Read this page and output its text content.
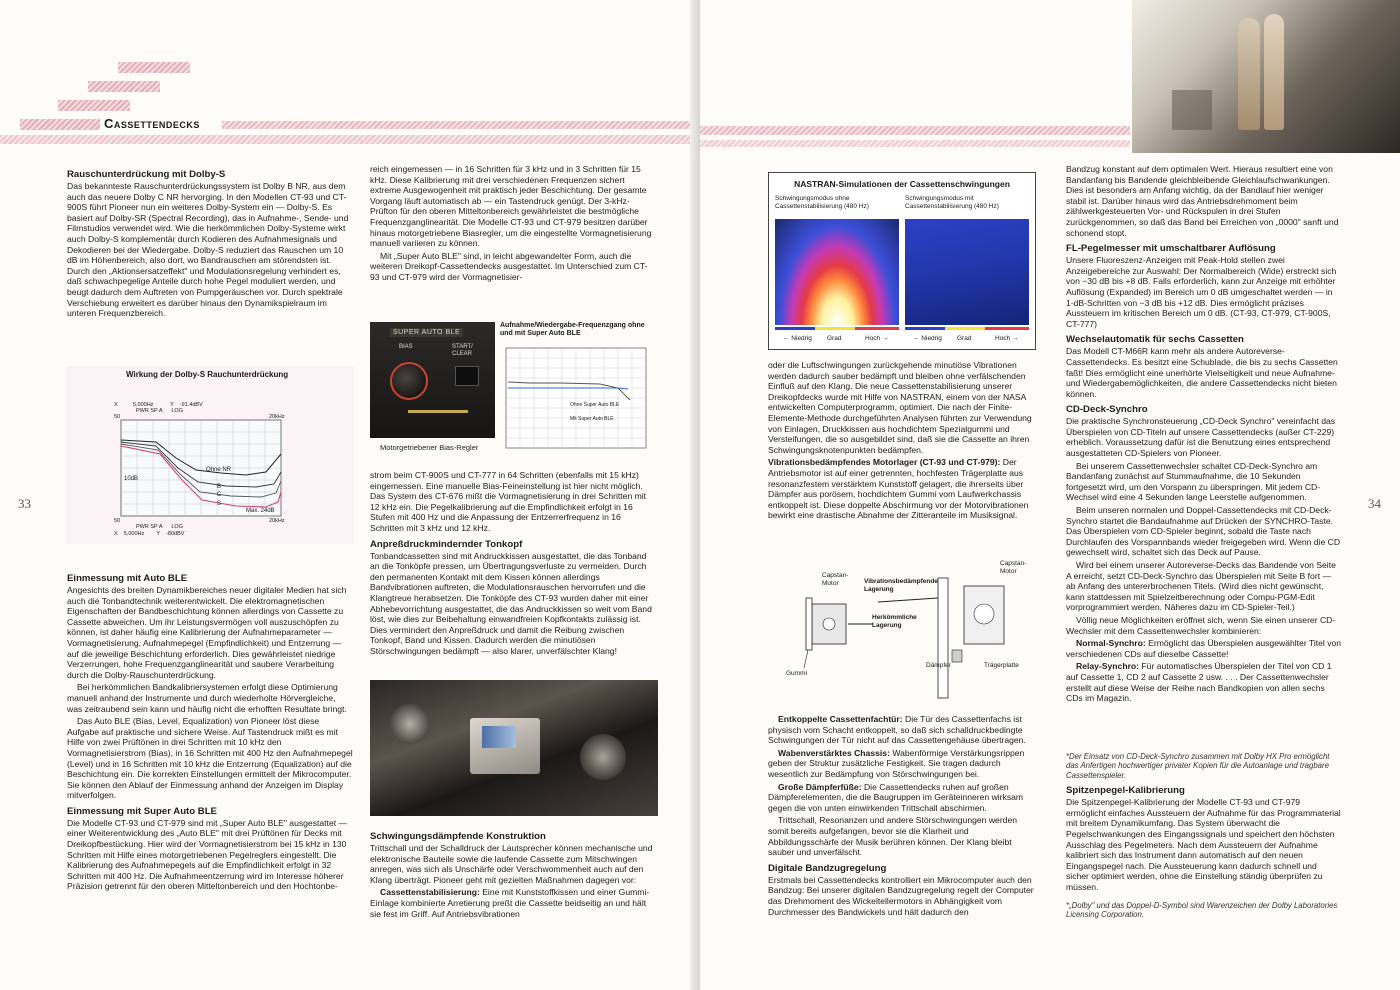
Cassettendecks
33
Rauschunterdrückung mit Dolby-S

Das bekannteste Rauschunterdrückungssystem ist Dolby B NR, aus dem auch das neuere Dolby C NR hervorging. In den Modellen CT-93 und CT-900S führt Pioneer nun ein weiteres Dolby-System ein — Dolby-S. Es basiert auf Dolby-SR (Spectral Recording), das in Aufnahme-, Sende- und Filmstudios verwendet wird. Wie die herkömmlichen Dolby-Systeme wirkt auch Dolby-S komplementär durch Kodieren des Aufnahmesignals und Dekodieren bei der Wiedergabe. Dolby-S reduziert das Rauschen um 10 dB im Höhenbereich, also dort, wo Bandrauschen am störendsten ist. Durch den „Aktionsersatzeffekt" und Modulationsregelung verhindert es, daß schwachpegelige Anteile durch hohe Pegel moduliert werden, und beugt dadurch dem Auftreten von Pumpgeräuschen vor. Durch spektrale Verschiebung erweitert es darüber hinaus den Dynamikspielraum im unteren Frequenzbereich.

Wirkung der Dolby-S Rauchunterdrückung
X          5,000Hz           Y    -91.4dBV
PWR SP A      LOG
50	20kHz
10dB
Ohne NR
B
C
S
Max. 24dB
50	20kHz
PWR SP A      LOG
X    5,000Hz        Y    -80dBV
Einmessung mit Auto BLE

Angesichts des breiten Dynamikbereiches neuer digitaler Medien hat sich auch die Tonbandtechnik weiterentwickelt. Die elektromagnetischen Eigenschaften der Bandbeschichtung können allerdings von Cassette zu Cassette abweichen. Um ihr Leistungsvermögen voll auszuschöpfen zu können, ist daher häufig eine Kalibrierung der Aufnahmeparameter — Vormagnetisierung, Aufnahmepegel (Empfindlichkeit) und Entzerrung — auf die jeweilige Beschichtung erforderlich. Dies gewährleistet niedrige Verzerrungen, hohe Frequenzganglinearität und saubere Verarbeitung durch die Dolby-Rauschunterdrückung.

Bei herkömmlichen Bandkalibriersystemen erfolgt diese Optimierung manuell anhand der Instrumente und durch wiederholte Hörvergleiche, was zeitraubend sein kann und häufig nicht die erhofften Resultate bringt.

Das Auto BLE (Bias, Level, Equalization) von Pioneer löst diese Aufgabe auf praktische und sichere Weise. Auf Tastendruck mißt es mit Hilfe von zwei Prüftönen in drei Schritten mit 10 kHz den Vormagnetisierstrom (Bias), in 16 Schritten mit 400 Hz den Aufnahmepegel (Level) und in 16 Schritten mit 10 kHz die Entzerrung (Equalization) auf die Beschichtung ein. Die korrekten Einstellungen ermittelt der Mikrocomputer. Sie können den Ablauf der Einmessung anhand der Anzeigen im Display mitverfolgen.

Einmessung mit Super Auto BLE

Die Modelle CT-93 und CT-979 sind mit „Super Auto BLE" ausgestattet — einer Weiterentwicklung des „Auto BLE" mit drei Prüftönen für Decks mit Dreikopfbestückung. Hier wird der Vormagnetisierstrom bei 15 kHz in 130 Schritten mit Hilfe eines motorgetriebenen Pegelreglers eingestellt. Die Kalibrierung des Aufnahmepegels auf die Empfindlichkeit erfolgt in 32 Schritten mit 400 Hz. Die Aufnahmeentzerrung wird im Interesse höherer Präzision getrennt für den oberen Mitteltonbereich und den Hochtonbe-

reich eingemessen — in 16 Schritten für 3 kHz und in 3 Schritten für 15 kHz. Diese Kalibrierung mit drei verschiedenen Frequenzen sichert extreme Ausgewogenheit mit praktisch jeder Beschichtung. Der gesamte Vorgang läuft automatisch ab — ein Tastendruck genügt. Der 3-kHz-Prüfton für den oberen Mitteltonbereich gewährleistet die bestmögliche Frequenzganglinearität. Die Modelle CT-93 und CT-979 besitzen darüber hinaus motorgetriebene Biasregler, um die eingestellte Vormagnetisierung manuell variieren zu können.

Mit „Super Auto BLE" sind, in leicht abgewandelter Form, auch die weiteren Dreikopf-Cassettendecks ausgestattet. Im Unterschied zum CT-93 und CT-979 wird der Vormagnetisier-

SUPER AUTO BLE
BIAS	START/
CLEAR
Motorgetriebener Bias-Regler
Aufnahme/Wiedergabe-Frequenzgang ohne und mit Super Auto BLE
Ohne Super Auto BLE
Mit Super Auto BLE

strom beim CT-900S und CT-777 in 64 Schritten (ebenfalls mit 15 kHz) eingemessen. Eine manuelle Bias-Feineinstellung ist hier nicht möglich. Das System des CT-676 mißt die Vormagnetisierung in drei Schritten mit 12 kHz ein. Die Pegelkalibrierung auf die Empfindlichkeit erfolgt in 16 Stufen mit 400 Hz und die Anpassung der Entzerrerfrequenz in 16 Schritten mit 3 kHz und 12 kHz.

Anpreßdruckmindernder Tonkopf

Tonbandcassetten sind mit Andruckkissen ausgestattet, die das Tonband an die Tonköpfe pressen, um Übertragungsverluste zu vermeiden. Durch den permanenten Kontakt mit dem Kissen können allerdings Bandvibrationen auftreten, die Modulationsrauschen hervorrufen und die Klangtreue herabsetzen. Die Tonköpfe des CT-93 wurden daher mit einer Abhebevorrichtung ausgestattet, die das Andruckkissen so weit vom Band löst, wie dies zur Beibehaltung einwandfreien Kopfkontakts zulässig ist. Dies vermindert den Anpreßdruck und damit die Reibung zwischen Tonkopf, Band und Kissen. Dadurch werden die minutiösen Störschwingungen bedämpft — also klarer, unverfälschter Klang!

Schwingungsdämpfende Konstruktion

Trittschall und der Schalldruck der Lautsprecher können mechanische und elektronische Bauteile sowie die laufende Cassette zum Mitschwingen anregen, was sich als Unschärfe oder Verschwommenheit auch auf den Klang überträgt. Pioneer geht mit gezielten Maßnahmen dagegen vor:

Cassettenstabilisierung: Eine mit Kunststoffkissen und einer Gummi-Einlage kombinierte Arretierung preßt die Cassette beidseitig an und hält sie fest im Griff. Auf Antriebsvibrationen

34
NASTRAN-Simulationen der Cassettenschwingungen
Schwingungsmodus ohne Cassettenstabilisierung (480 Hz)
Schwingungsmodus mit Cassettenstabilisierung (480 Hz)
← Niedrig Grad	Hoch →	← Niedrig Grad	Hoch →

oder die Luftschwingungen zurückgehende minutiöse Vibrationen werden dadurch sauber bedämpft und bleiben ohne verfälschenden Einfluß auf den Klang. Die neue Cassettenstabilisierung unserer Dreikopfdecks wurde mit Hilfe von NASTRAN, einem von der NASA entwickelten Computerprogramm, optimiert. Die nach der Finite-Elemente-Methode durchgeführten Analysen führten zur Verwendung von Einlagen, Druckkissen aus hochdichtem Spezialgummi und Versteifungen, die so ausgebildet sind, daß sie die Cassette an ihren Schwingungsknotenpunkten bedämpfen.

Vibrationsbedämpfendes Motorlager (CT-93 und CT-979): Der Antriebsmotor ist auf einer getrennten, hochfesten Trägerplatte aus resonanzfestem verstärktem Kunststoff gelagert, die ihrerseits über Dämpfer aus porösem, hochdichtem Gummi vom Laufwerkchassis entkoppelt ist. Diese doppelte Abschirmung vor der Motorvibrationen bewirkt eine drastische Abnahme der Zitteranteile im Musiksignal.

Capstan-
Motor	Vibrationsbedämpfende Lagerung
Herkömmliche Lagerung
Capstan-
Motor
Dämpfer	Trägerplatte
Gummi

Entkoppelte Cassettenfachtür: Die Tür des Cassettenfachs ist physisch vom Schacht entkoppelt, so daß sich schalldruckbedingte Schwingungen der Tür nicht auf das Cassettengehäuse übertragen.

Wabenverstärktes Chassis: Wabenförmige Verstärkungsrippen geben der Struktur zusätzliche Festigkeit. Sie tragen dadurch wesentlich zur Bedämpfung von Störschwingungen bei.

Große Dämpferfüße: Die Cassettendecks ruhen auf großen Dämpferelementen, die die Baugruppen im Geräteinneren wirksam gegen die von unten einwirkenden Trittschall abschirmen.

Trittschall, Resonanzen und andere Störschwingungen werden somit bereits aufgefangen, bevor sie die Klarheit und Abbildungsschärfe der Musik berühren können. Der Klang bleibt sauber und unverfälscht.

Digitale Bandzugregelung

Erstmals bei Cassettendecks kontrolliert ein Mikrocomputer auch den Bandzug: Bei unserer digitalen Bandzugregelung regelt der Computer das Drehmoment des Wickeltellermotors in Abhängigkeit vom Durchmesser des Bandwickels und hält dadurch den

Bandzug konstant auf dem optimalen Wert. Hieraus resultiert eine von Bandanfang bis Bandende gleichbleibende Gleichlaufschwankungen. Dies ist besonders am Anfang wichtig, da der Bandlauf hier weniger stabil ist. Darüber hinaus wird das Antriebsdrehmoment beim zählwerkgesteuerten Vor- und Rückspulen in drei Stufen zurückgenommen, so daß das Band bei Erreichen von „0000" sanft und schonend stopt.

FL-Pegelmesser mit umschaltbarer Auflösung

Unsere Fluoreszenz-Anzeigen mit Peak-Hold stellen zwei Anzeigebereiche zur Auswahl: Der Normalbereich (Wide) erstreckt sich von −30 dB bis +8 dB. Falls erforderlich, kann zur Anzeige mit erhöhter Auflösung (Expanded) im Bereich um 0 dB umgeschaltet werden — in 1-dB-Schritten von −3 dB bis +12 dB. Dies ermöglicht präzises Aussteuern im kritischen Bereich um 0 dB. (CT-93, CT-979, CT-900S, CT-777)

Wechselautomatik für sechs Cassetten

Das Modell CT-M66R kann mehr als andere Autoreverse-Cassettendecks. Es besitzt eine Schublade, die bis zu sechs Cassetten faßt! Dies ermöglicht eine unerhörte Vielseitigkeit und neue Aufnahme- und Wiedergabemöglichkeiten, die andere Cassettendecks nicht bieten können.

CD-Deck-Synchro

Die praktische Synchronsteuerung „CD-Deck Synchro" vereinfacht das Überspielen von CD-Titeln auf unsere Cassettendecks (außer CT-229) erheblich. Voraussetzung dafür ist die Benutzung eines entsprechend ausgestatteten CD-Spielers von Pioneer.

Bei unserem Cassettenwechsler schaltet CD-Deck-Synchro am Bandanfang zunächst auf Stummaufnahme, die 10 Sekunden fortgesetzt wird, um den Vorspann zu überspringen. Mit jedem CD-Wechsel wird eine 4 Sekunden lange Leerstelle aufgenommen.

Beim unseren normalen und Doppel-Cassettendecks mit CD-Deck-Synchro startet die Bandaufnahme auf Drücken der SYNCHRO-Taste. Das Überspielen vom CD-Spieler beginnt, sobald die Taste nach Durchlaufen des Vorspannbands wieder freigegeben wird. Wenn die CD gewechselt wird, schaltet sich das Deck auf Pause.

Wird bei einem unserer Autoreverse-Decks das Bandende von Seite A erreicht, setzt CD-Deck-Synchro das Überspielen mit Seite B fort — ab Anfang des untererbrochenen Titels. (Wird dies nicht gewünscht, kann stattdessen mit Spielzeitberechnung oder Compu-PGM-Edit vorprogrammiert werden. Näheres dazu im CD-Spieler-Teil.)

Völlig neue Möglichkeiten eröffnet sich, wenn Sie einen unserer CD-Wechsler mit dem Cassettenwechsler kombinieren:

Normal-Synchro: Ermöglicht das Überspielen ausgewählter Titel von verschiedenen CDs auf dieselbe Cassette!

Relay-Synchro: Für automatisches Überspielen der Titel von CD 1 auf Cassette 1, CD 2 auf Cassette 2 usw. . . . Der Cassettenwechsler erstellt auf diese Weise der Reihe nach Bandkopien von allen sechs CDs im Magazin.

*Der Einsatz von CD-Deck-Synchro zusammen mit Dolby HX Pro ermöglicht das Anfertigen hochwertiger privater Kopien für die Autoanlage und tragbare Cassettenspieler.

Spitzenpegel-Kalibrierung

Die Spitzenpegel-Kalibrierung der Modelle CT-93 und CT-979 ermöglicht einfaches Aussteuern der Aufnahme für das Programmaterial mit breitem Dynamikumfang. Das System überwacht die Pegelschwankungen des Eingangssignals und speichert den höchsten Ausschlag des Pegelmeters. Nach dem Aussteuern der Aufnahme kalibriert sich das Instrument dann automatisch auf den neuen Eingangspegel nach. Die Aussteuerung kann dadurch schnell und sicher optimiert werden, ohne die Einstellung ständig überprüfen zu müssen.

*„Dolby" und das Doppel-D-Symbol sind Warenzeichen der Dolby Laboratories Licensing Corporation.
